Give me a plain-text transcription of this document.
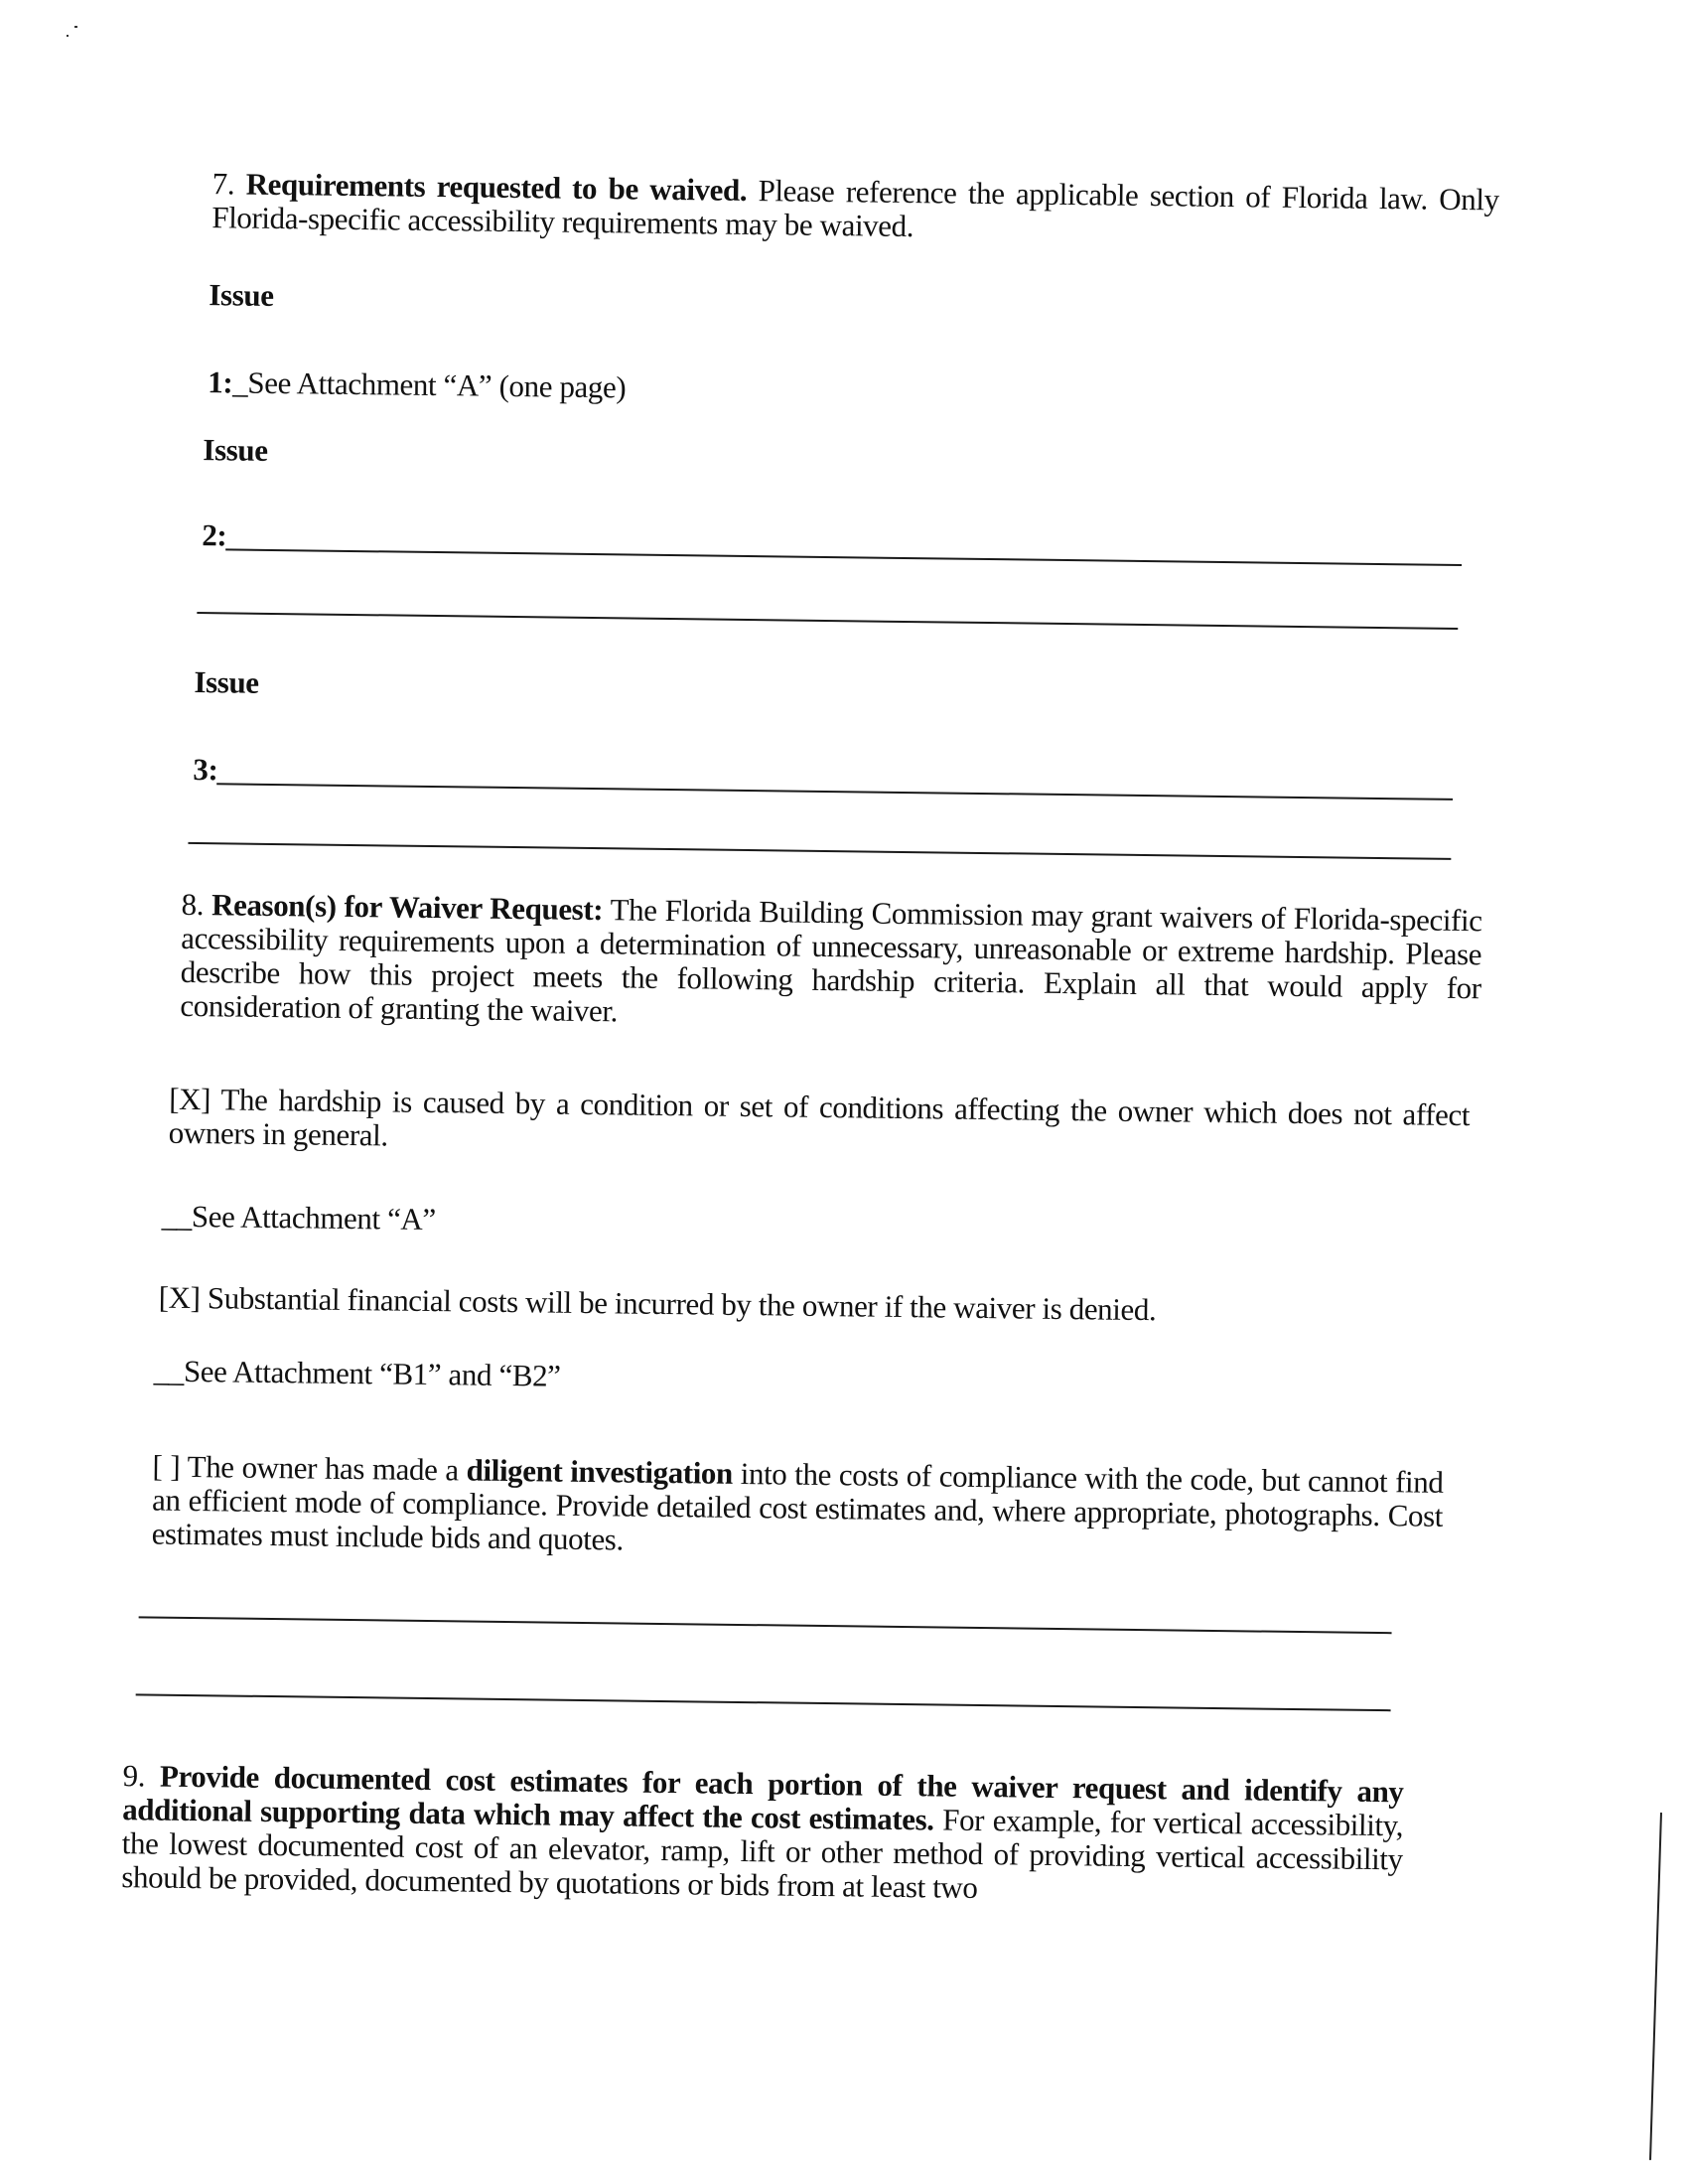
7. Requirements requested to be waived. Please reference the applicable section of Florida law. Only Florida-specific accessibility requirements may be waived.

Issue
1:_See Attachment “A” (one page)
Issue
2:
Issue
3:

8. Reason(s) for Waiver Request: The Florida Building Commission may grant waivers of Florida-specific accessibility requirements upon a determination of unnecessary, unreasonable or extreme hardship. Please describe how this project meets the following hardship criteria. Explain all that would apply for consideration of granting the waiver.

[X] The hardship is caused by a condition or set of conditions affecting the owner which does not affect owners in general.

__See Attachment “A”

[X] Substantial financial costs will be incurred by the owner if the waiver is denied.

__See Attachment “B1” and “B2”

[ ] The owner has made a diligent investigation into the costs of compliance with the code, but cannot find an efficient mode of compliance. Provide detailed cost estimates and, where appropriate, photographs. Cost estimates must include bids and quotes.

9. Provide documented cost estimates for each portion of the waiver request and identify any additional supporting data which may affect the cost estimates. For example, for vertical accessibility, the lowest documented cost of an elevator, ramp, lift or other method of providing vertical accessibility should be provided, documented by quotations or bids from at least two
